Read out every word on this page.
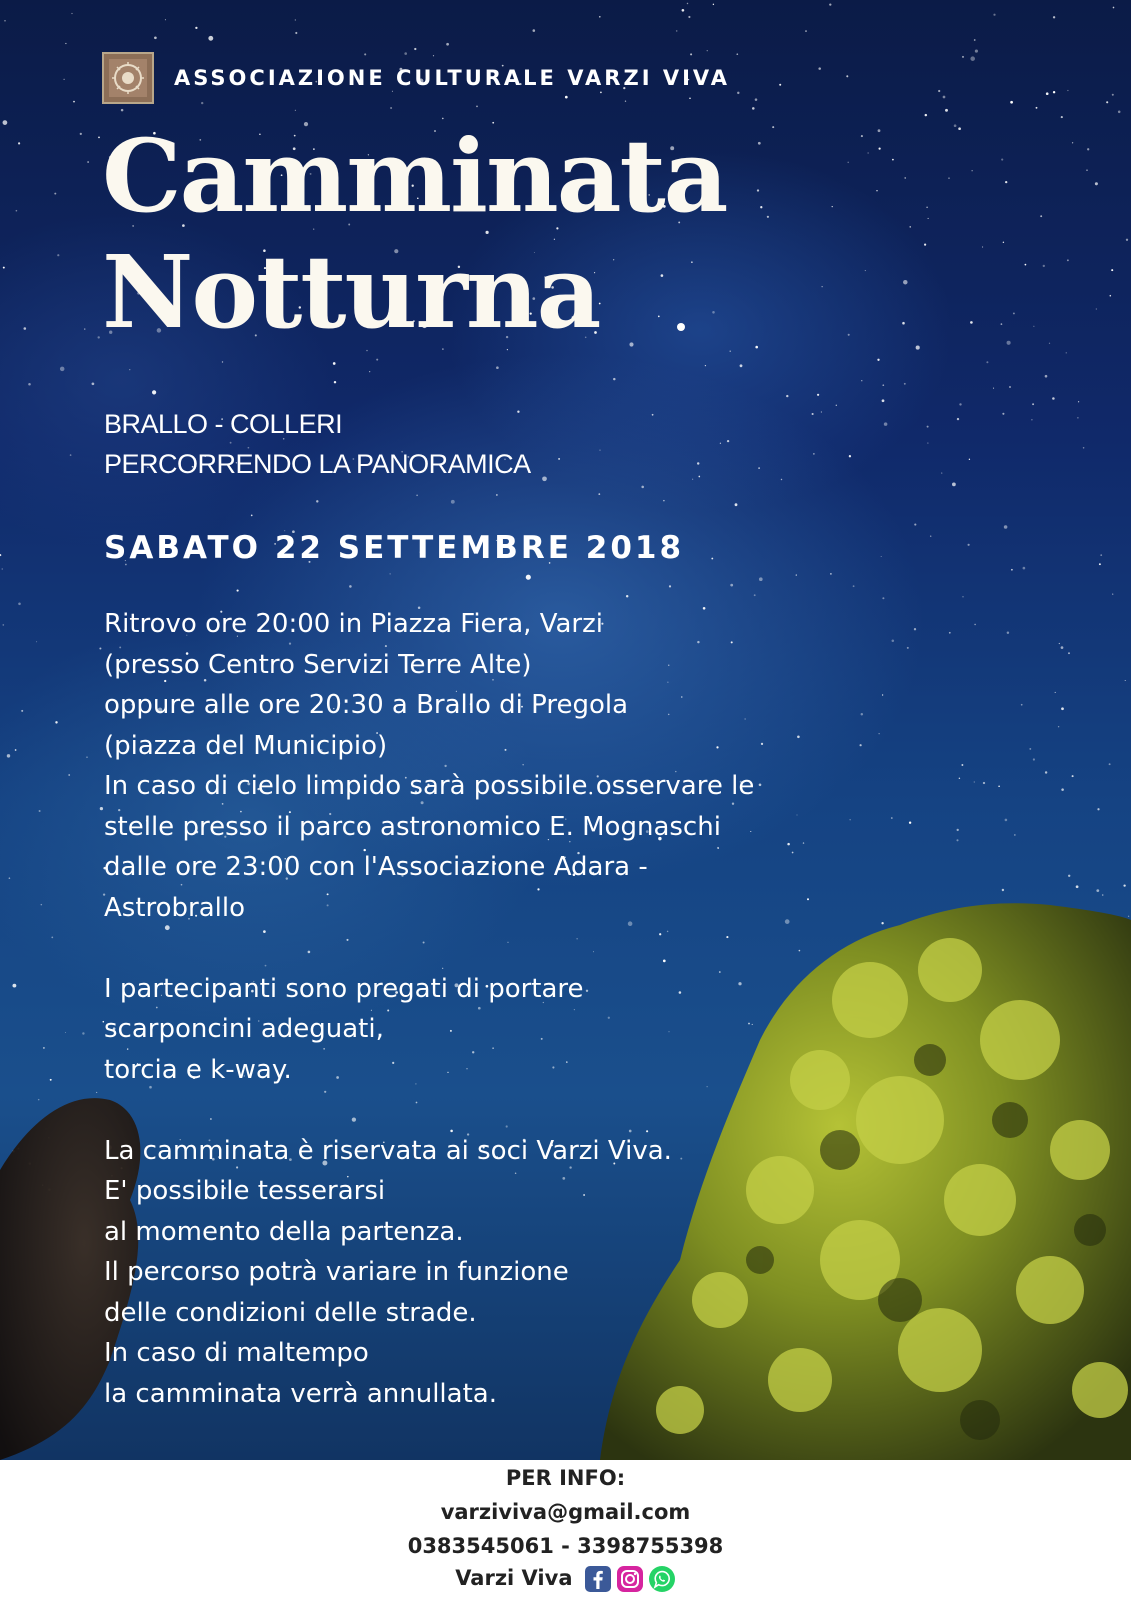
ASSOCIAZIONE CULTURALE VARZI VIVA
Camminata
Notturna
BRALLO - COLLERI
PERCORRENDO LA PANORAMICA
SABATO 22 SETTEMBRE 2018
Ritrovo ore 20:00 in Piazza Fiera, Varzi
(presso Centro Servizi Terre Alte)
oppure alle ore 20:30 a Brallo di Pregola
(piazza del Municipio)
In caso di cielo limpido sarà possibile osservare le
stelle presso il parco astronomico E. Mognaschi
dalle ore 23:00 con l'Associazione Adara -
Astrobrallo
I partecipanti sono pregati di portare
scarponcini adeguati,
torcia e k-way.
La camminata è riservata ai soci Varzi Viva.
E' possibile tesserarsi
al momento della partenza.
Il percorso potrà variare in funzione
delle condizioni delle strade.
In caso di maltempo
la camminata verrà annullata.
PER INFO:
varziviva@gmail.com
0383545061 - 3398755398
Varzi Viva
